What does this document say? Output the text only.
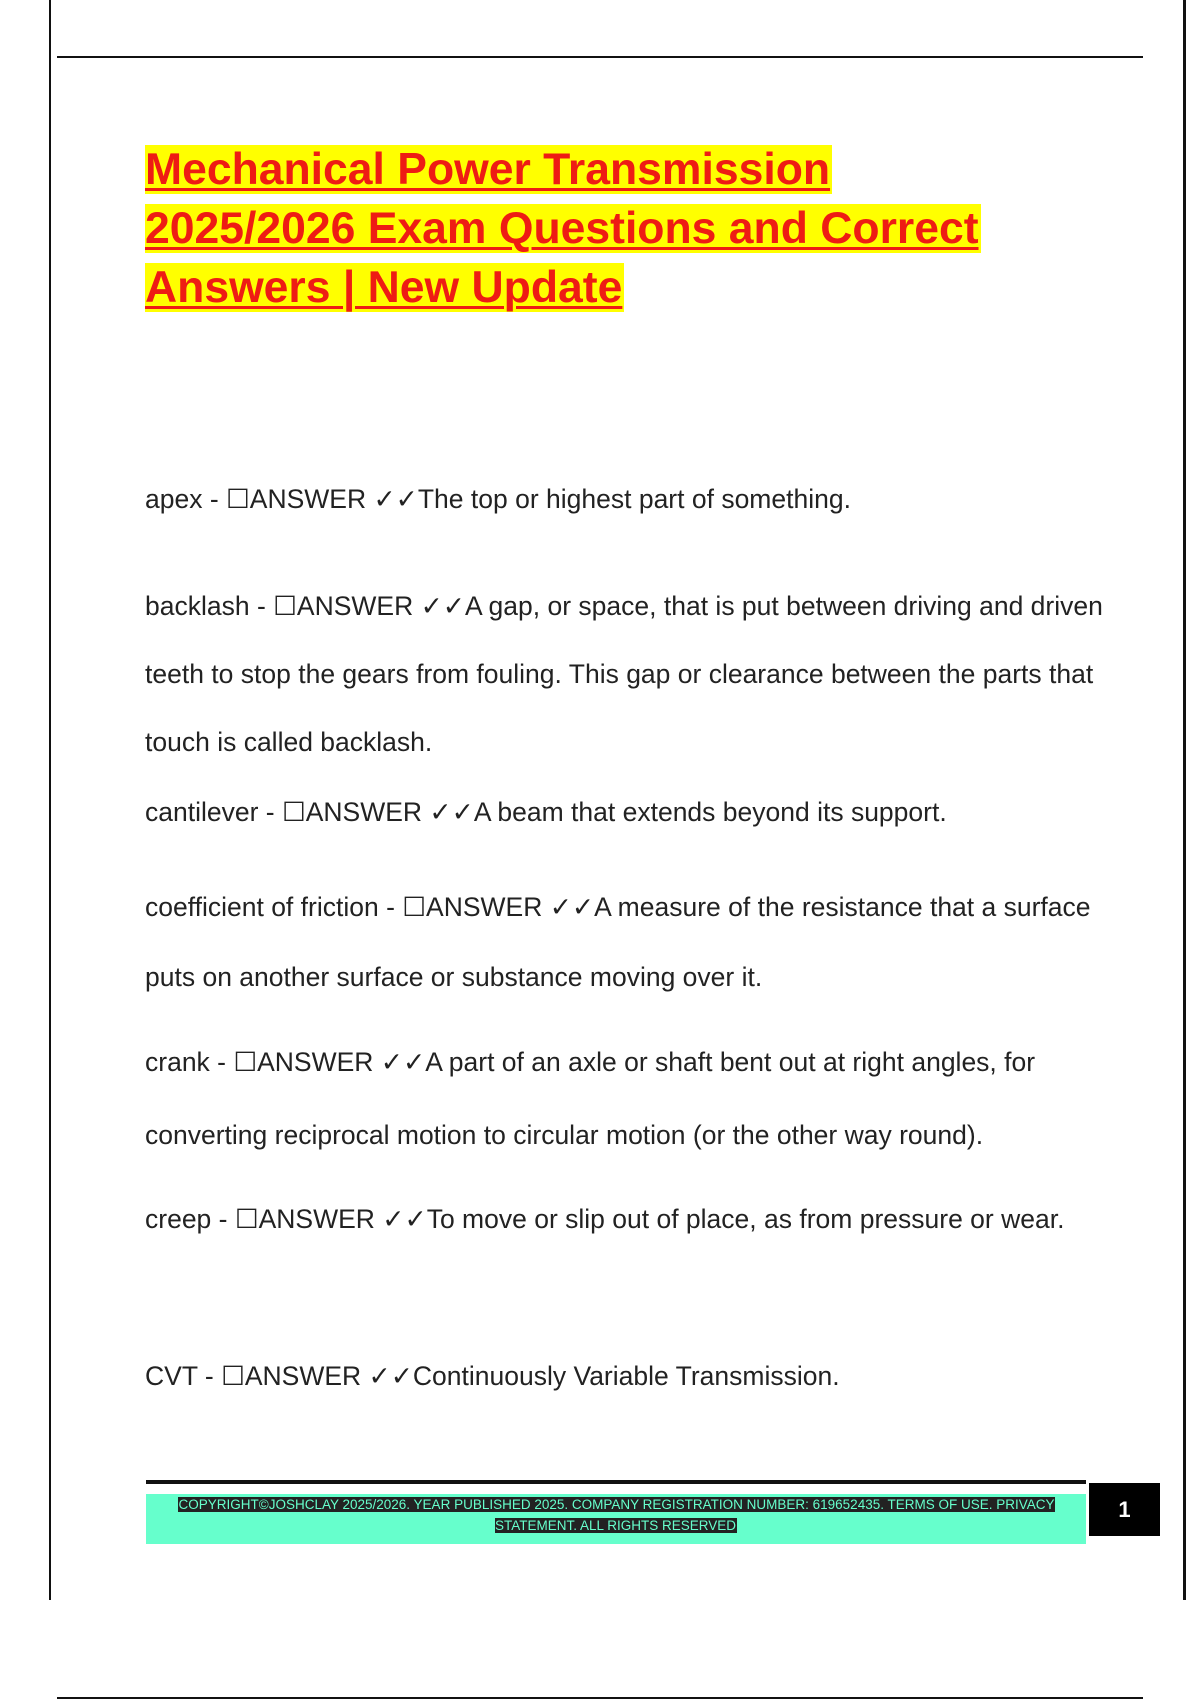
Mechanical Power Transmission
2025/2026 Exam Questions and Correct
Answers | New Update

apex - ☐ANSWER ✓✓The top or highest part of something.

backlash - ☐ANSWER ✓✓A gap, or space, that is put between driving and driven teeth to stop the gears from fouling. This gap or clearance between the parts that touch is called backlash.

cantilever - ☐ANSWER ✓✓A beam that extends beyond its support.

coefficient of friction - ☐ANSWER ✓✓A measure of the resistance that a surface puts on another surface or substance moving over it.

crank - ☐ANSWER ✓✓A part of an axle or shaft bent out at right angles, for converting reciprocal motion to circular motion (or the other way round).

creep - ☐ANSWER ✓✓To move or slip out of place, as from pressure or wear.

CVT - ☐ANSWER ✓✓Continuously Variable Transmission.

COPYRIGHT©JOSHCLAY 2025/2026. YEAR PUBLISHED 2025. COMPANY REGISTRATION NUMBER: 619652435. TERMS OF USE. PRIVACY STATEMENT. ALL RIGHTS RESERVED
1
